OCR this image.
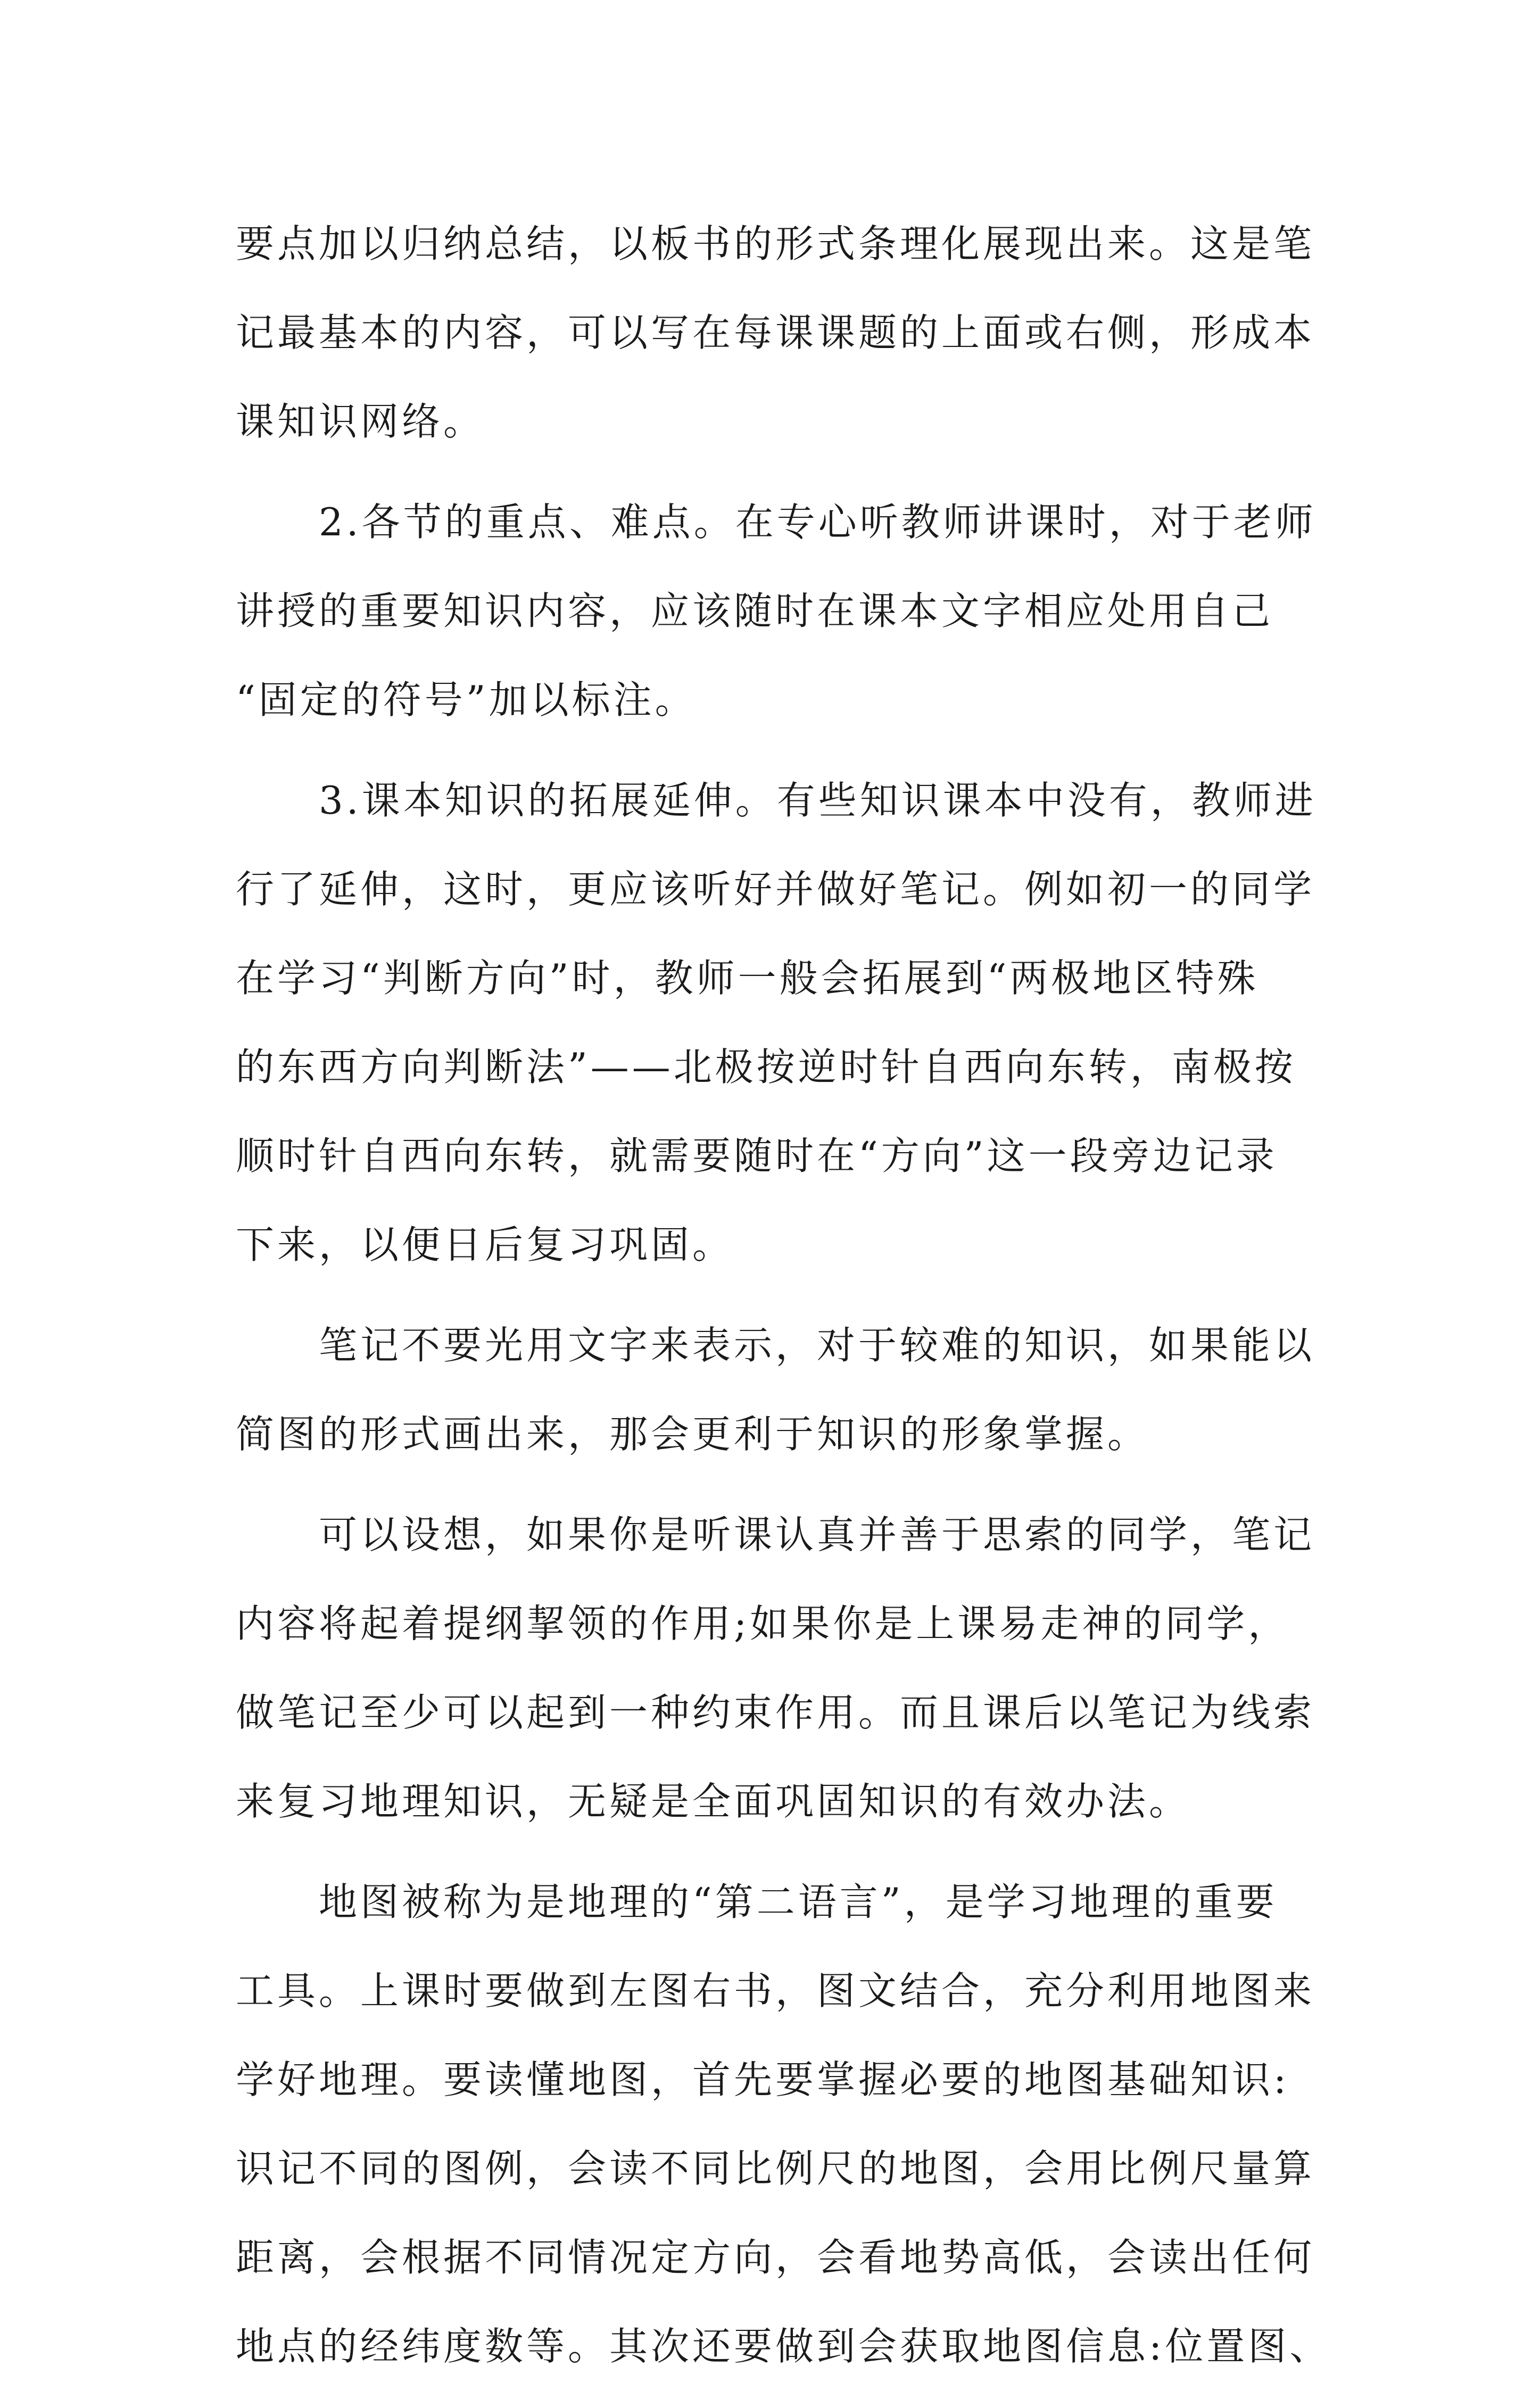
要点加以归纳总结，以板书的形式条理化展现出来。这是笔
记最基本的内容，可以写在每课课题的上面或右侧，形成本
课知识网络。
2.各节的重点、难点。在专心听教师讲课时，对于老师
讲授的重要知识内容，应该随时在课本文字相应处用自己
“固定的符号”加以标注。
3.课本知识的拓展延伸。有些知识课本中没有，教师进
行了延伸，这时，更应该听好并做好笔记。例如初一的同学
在学习“判断方向”时，教师一般会拓展到“两极地区特殊
的东西方向判断法”——北极按逆时针自西向东转，南极按
顺时针自西向东转，就需要随时在“方向”这一段旁边记录
下来，以便日后复习巩固。
笔记不要光用文字来表示，对于较难的知识，如果能以
简图的形式画出来，那会更利于知识的形象掌握。
可以设想，如果你是听课认真并善于思索的同学，笔记
内容将起着提纲挈领的作用;如果你是上课易走神的同学，
做笔记至少可以起到一种约束作用。而且课后以笔记为线索
来复习地理知识，无疑是全面巩固知识的有效办法。
地图被称为是地理的“第二语言”，是学习地理的重要
工具。上课时要做到左图右书，图文结合，充分利用地图来
学好地理。要读懂地图，首先要掌握必要的地图基础知识:
识记不同的图例，会读不同比例尺的地图，会用比例尺量算
距离，会根据不同情况定方向，会看地势高低，会读出任何
地点的经纬度数等。其次还要做到会获取地图信息:位置图、
